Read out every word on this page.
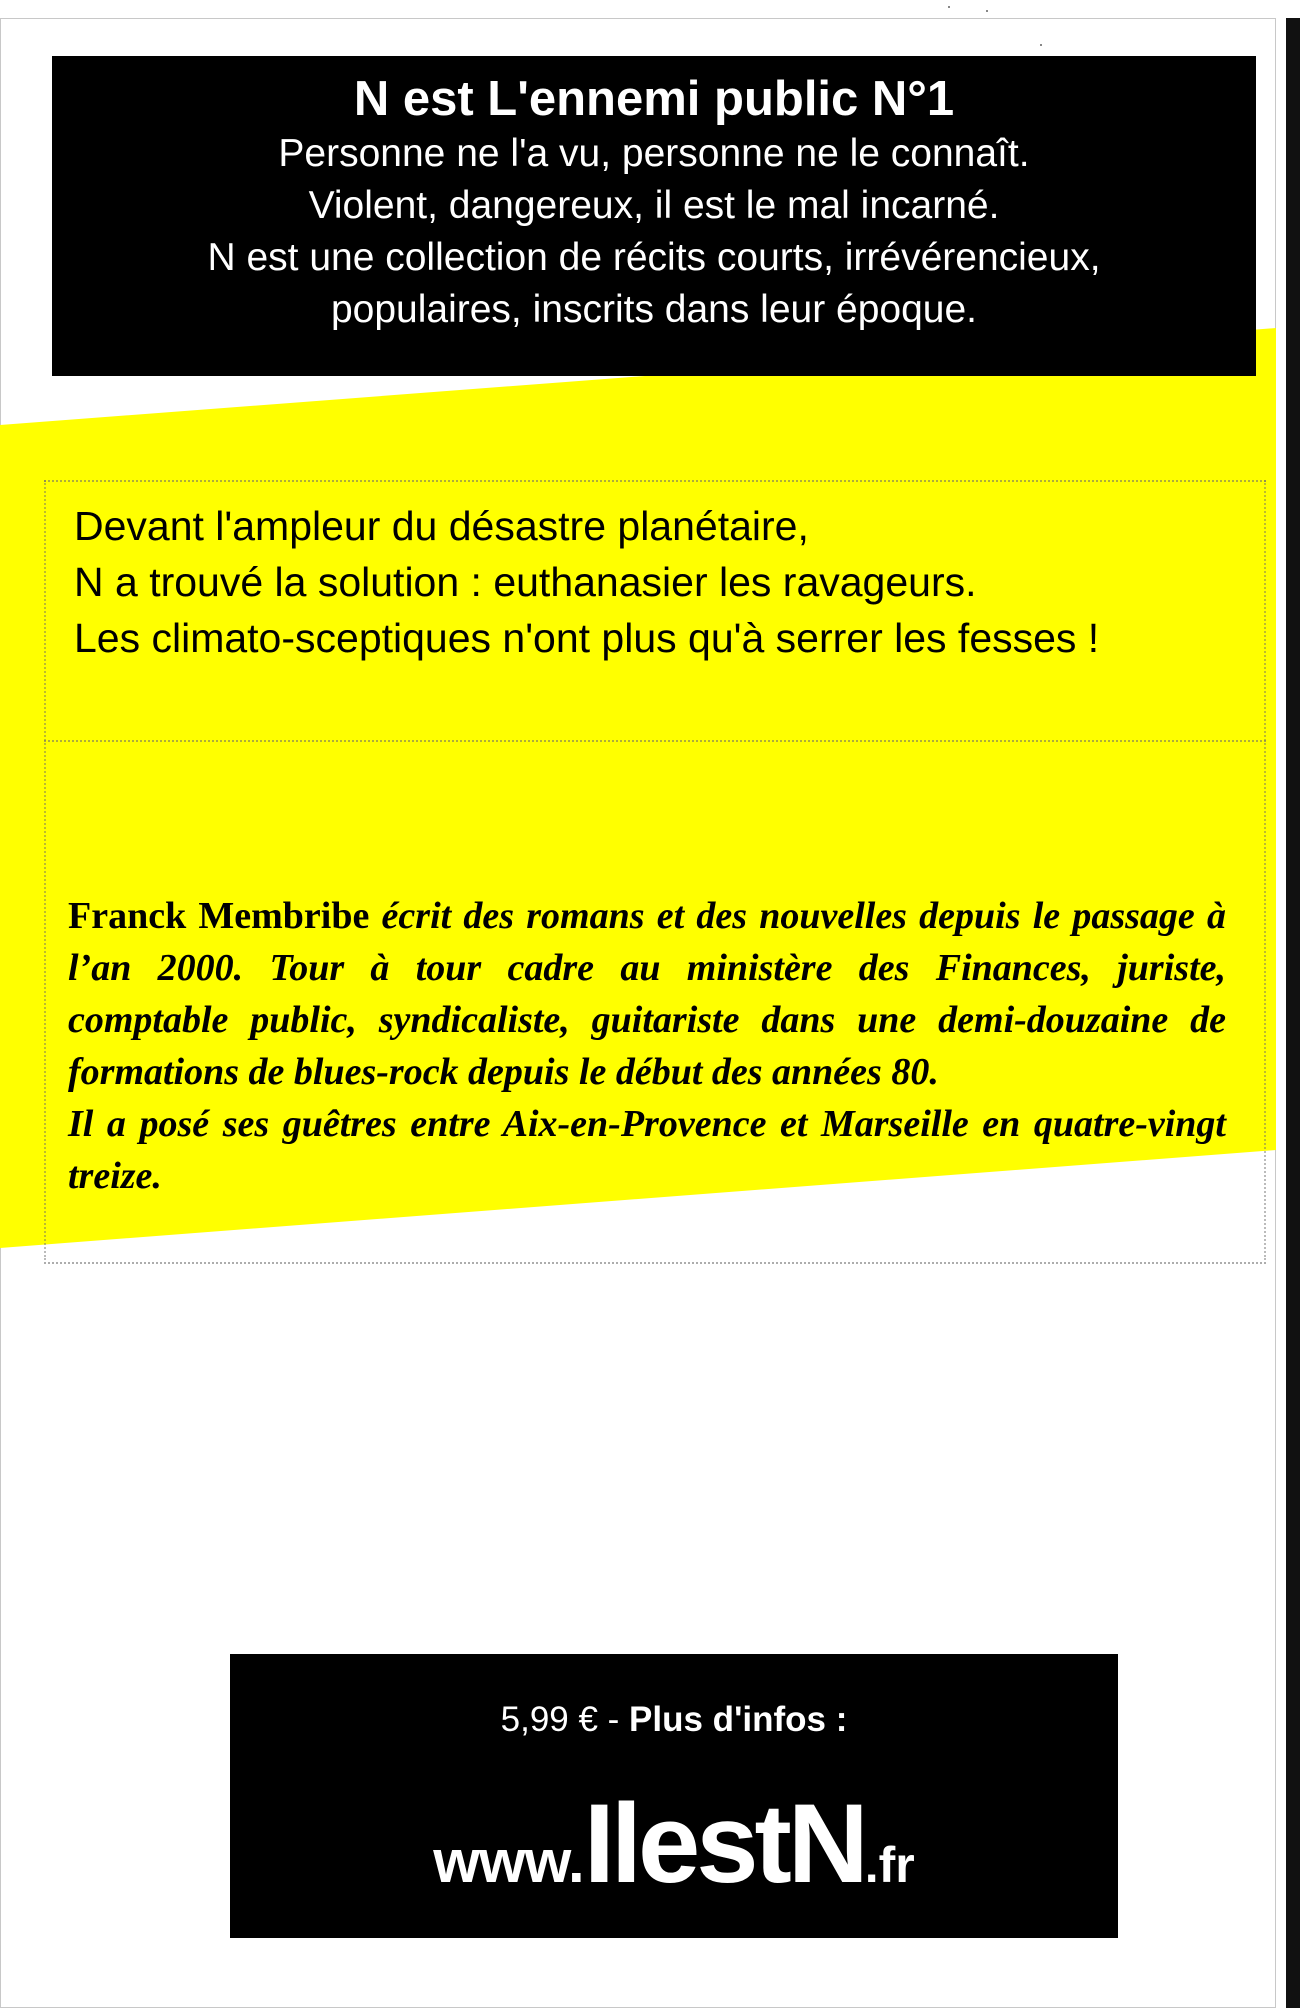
N est L'ennemi public N°1

Personne ne l'a vu, personne ne le connaît.

Violent, dangereux, il est le mal incarné.

N est une collection de récits courts, irrévérencieux,

populaires, inscrits dans leur époque.

Devant l'ampleur du désastre planétaire,

N a trouvé la solution : euthanasier les ravageurs.

Les climato-sceptiques n'ont plus qu'à serrer les fesses !

Franck Membribe écrit des romans et des nouvelles depuis le passage à l’an 2000. Tour à tour cadre au ministère des Finances, juriste, comptable public, syndicaliste, guitariste dans une demi-douzaine de formations de blues-rock depuis le début des années 80.

Il a posé ses guêtres entre Aix-en-Provence et Marseille en quatre-vingt treize.

5,99 € - Plus d'infos :
www.IlestN.fr
